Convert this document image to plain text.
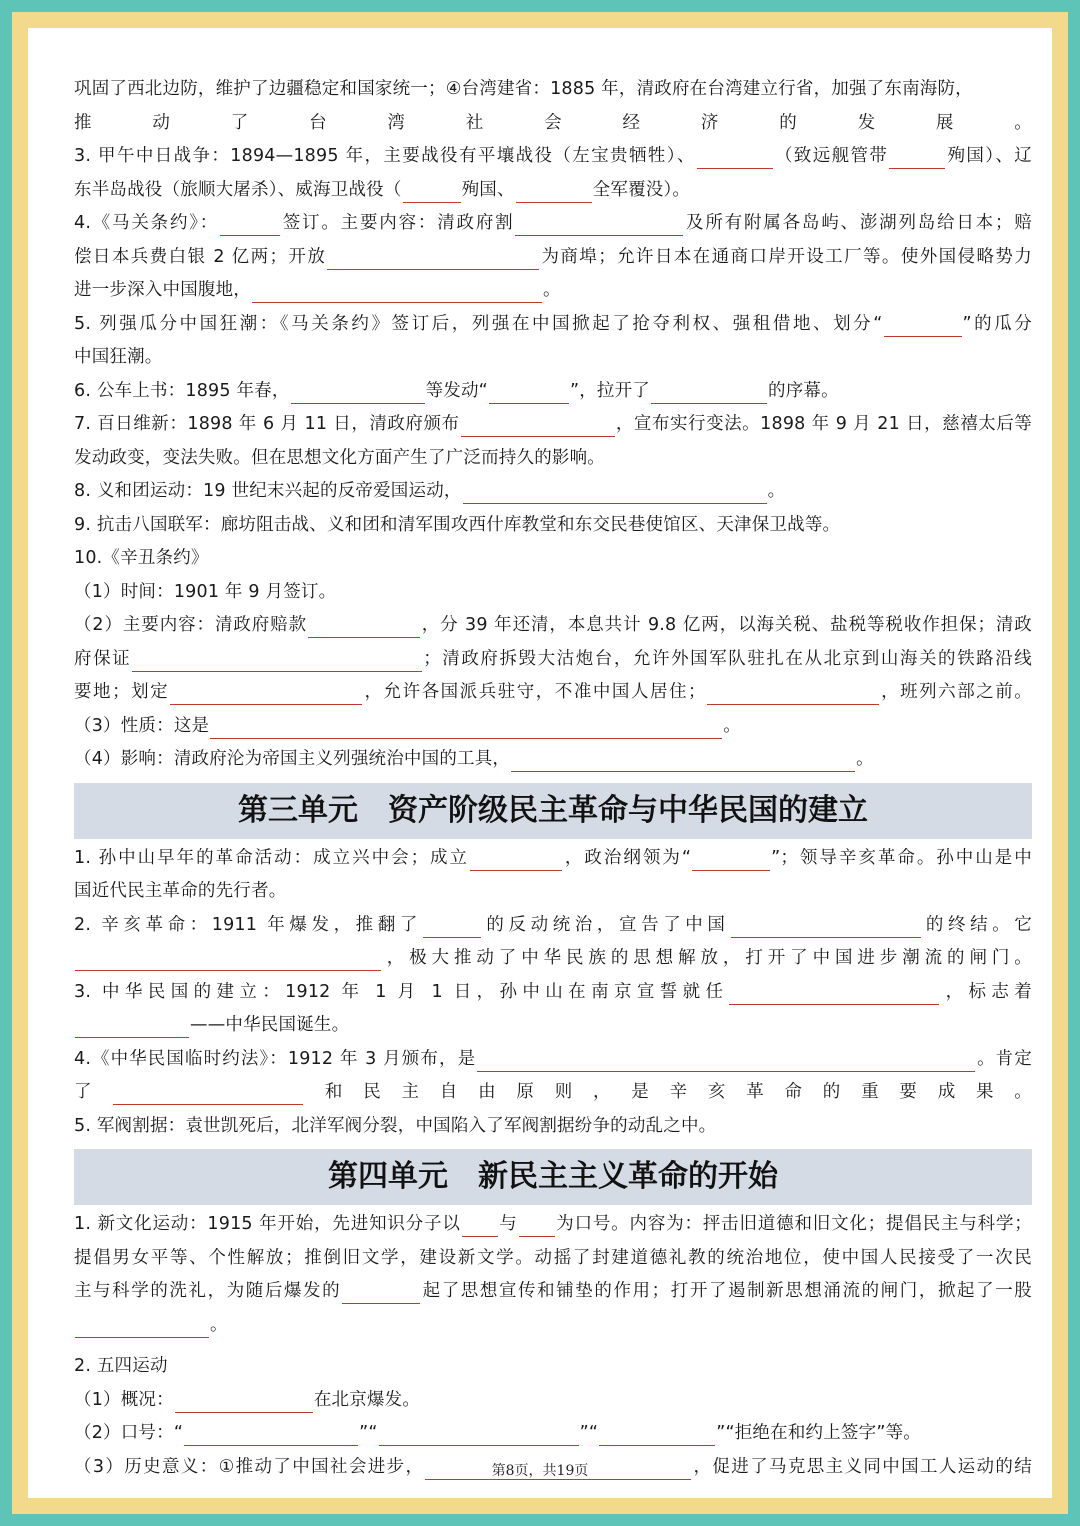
巩固了西北边防，维护了边疆稳定和国家统一；④台湾建省：1885 年，清政府在台湾建立行省，加强了东南海防，
推动了台湾社会经济的发展。
3. 甲午中日战争：1894—1895 年，主要战役有平壤战役（左宝贵牺牲）、	（致远舰管带	殉国）、辽
东半岛战役（旅顺大屠杀）、威海卫战役（	殉国、	全军覆没）。
4.《马关条约》：	签订。主要内容：清政府割	及所有附属各岛屿、澎湖列岛给日本；赔
偿日本兵费白银 2 亿两；开放	为商埠；允许日本在通商口岸开设工厂等。使外国侵略势力
进一步深入中国腹地，	。
5. 列强瓜分中国狂潮：《马关条约》签订后，列强在中国掀起了抢夺利权、强租借地、划分“	”的瓜分
中国狂潮。
6. 公车上书：1895 年春，	等发动“	”，拉开了	的序幕。
7. 百日维新：1898 年 6 月 11 日，清政府颁布	，宣布实行变法。1898 年 9 月 21 日，慈禧太后等
发动政变，变法失败。但在思想文化方面产生了广泛而持久的影响。
8. 义和团运动：19 世纪末兴起的反帝爱国运动，	。
9. 抗击八国联军：廊坊阻击战、义和团和清军围攻西什库教堂和东交民巷使馆区、天津保卫战等。
10.《辛丑条约》
（1）时间：1901 年 9 月签订。
（2）主要内容：清政府赔款	，分 39 年还清，本息共计 9.8 亿两，以海关税、盐税等税收作担保；清政
府保证	；清政府拆毁大沽炮台，允许外国军队驻扎在从北京到山海关的铁路沿线
要地；划定	，允许各国派兵驻守，不准中国人居住；	，班列六部之前。
（3）性质：这是	。
（4）影响：清政府沦为帝国主义列强统治中国的工具，	。
第三单元　资产阶级民主革命与中华民国的建立
1. 孙中山早年的革命活动：成立兴中会；成立	，政治纲领为“	”；领导辛亥革命。孙中山是中
国近代民主革命的先行者。
2. 辛亥革命：1911 年爆发，推翻了	的反动统治，宣告了中国	的终结。它
，极大推动了中华民族的思想解放，打开了中国进步潮流的闸门。
3. 中华民国的建立：1912 年 1 月 1 日，孙中山在南京宣誓就任	，标志着
——中华民国诞生。
4.《中华民国临时约法》：1912 年 3 月颁布，是	。肯定
了	和民主自由原则，是辛亥革命的重要成果。
5. 军阀割据：袁世凯死后，北洋军阀分裂，中国陷入了军阀割据纷争的动乱之中。
第四单元　新民主主义革命的开始
1. 新文化运动：1915 年开始，先进知识分子以 与 为口号。内容为：抨击旧道德和旧文化；提倡民主与科学；
提倡男女平等、个性解放；推倒旧文学，建设新文学。动摇了封建道德礼教的统治地位，使中国人民接受了一次民
主与科学的洗礼，为随后爆发的	起了思想宣传和铺垫的作用；打开了遏制新思想涌流的闸门，掀起了一股
。
2. 五四运动
（1）概况：	在北京爆发。
（2）口号：“	”“	”“	”“拒绝在和约上签字”等。
（3）历史意义：①推动了中国社会进步，	，促进了马克思主义同中国工人运动的结
第8页，共19页
